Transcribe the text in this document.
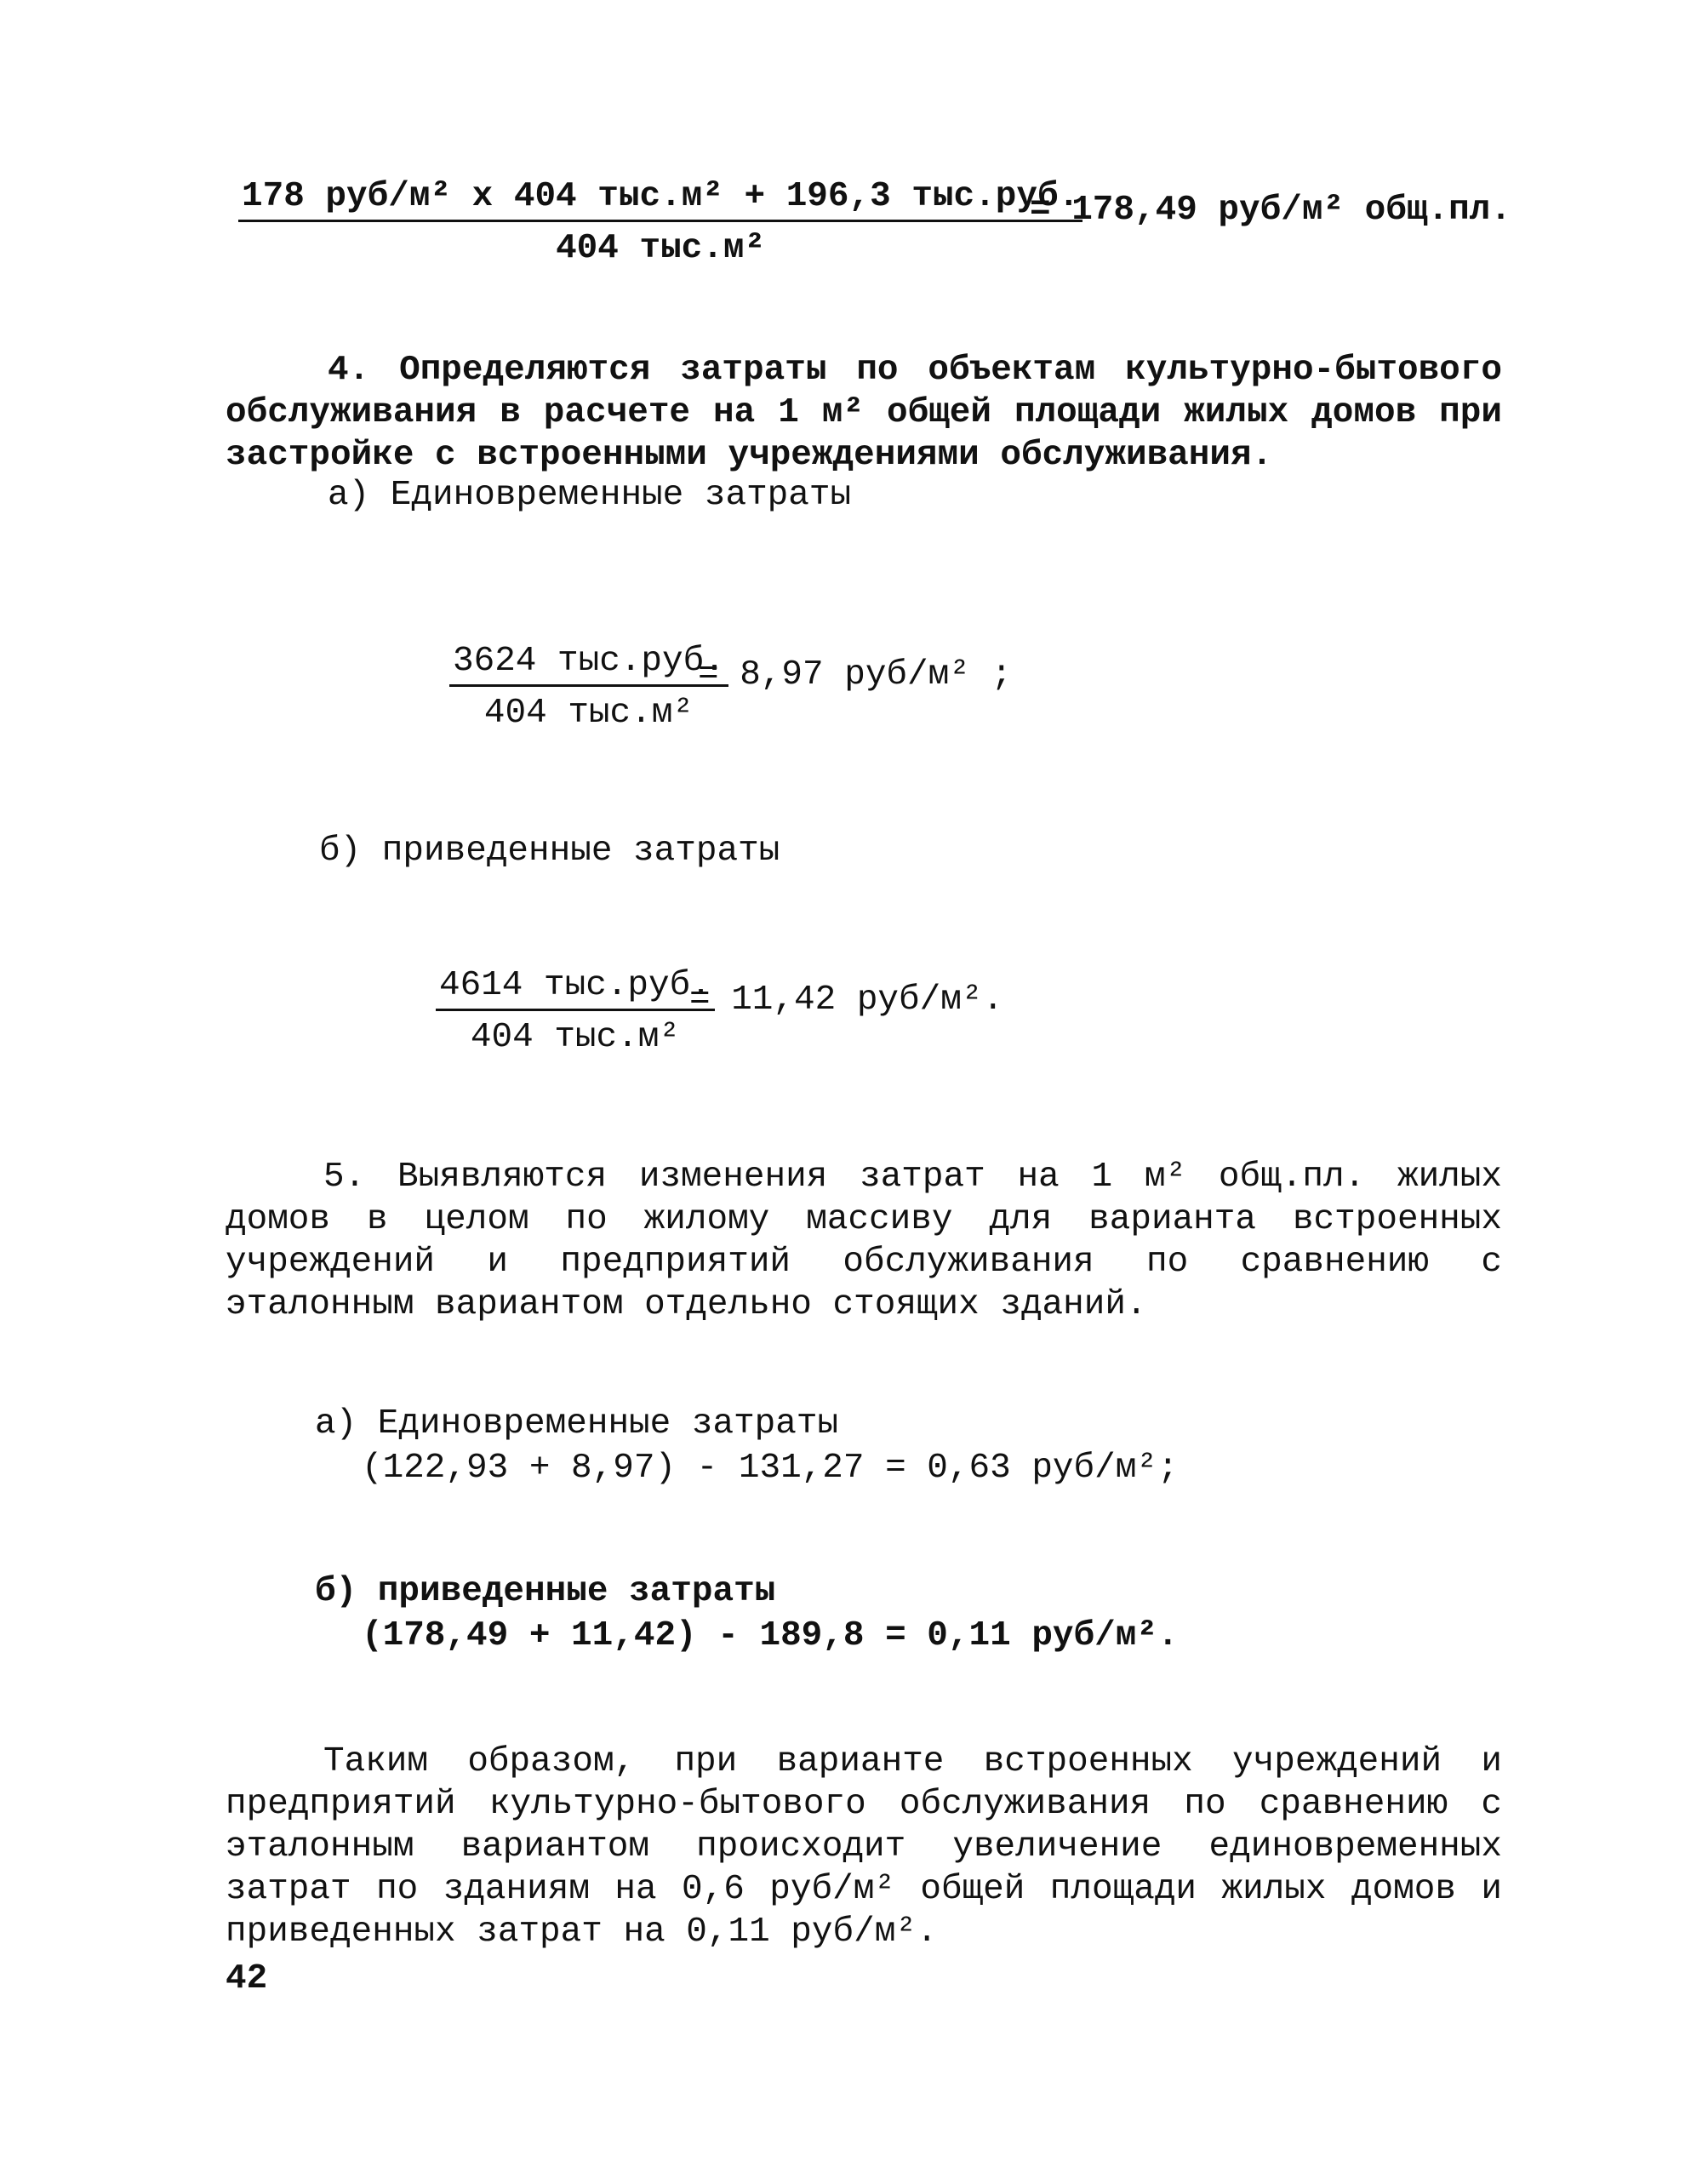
178 руб/м² х 404 тыс.м² + 196,3 тыс.руб.
404 тыс.м²
= 178,49 руб/м² общ.пл.
4. Определяются затраты по объектам культурно-бытового обслуживания в расчете на 1 м² общей площади жилых домов при застройке с встроенными учреждениями обслуживания.
а) Единовременные затраты
3624 тыс.руб.
404 тыс.м²
= 8,97 руб/м² ;
б) приведенные затраты
4614 тыс.руб.
404 тыс.м²
= 11,42 руб/м².
5. Выявляются изменения затрат на 1 м² общ.пл. жилых домов в целом по жилому массиву для варианта встроенных учреждений и предприятий обслуживания по сравнению с эталонным вариантом отдельно стоящих зданий.
а) Единовременные затраты
(122,93 + 8,97) - 131,27 = 0,63 руб/м²;
б) приведенные затраты
(178,49 + 11,42) - 189,8 = 0,11 руб/м².
Таким образом, при варианте встроенных учреждений и предприятий культурно-бытового обслуживания по сравнению с эталонным вариантом происходит увеличение единовременных затрат по зданиям на 0,6 руб/м² общей площади жилых домов и приведенных затрат на 0,11 руб/м².
42
